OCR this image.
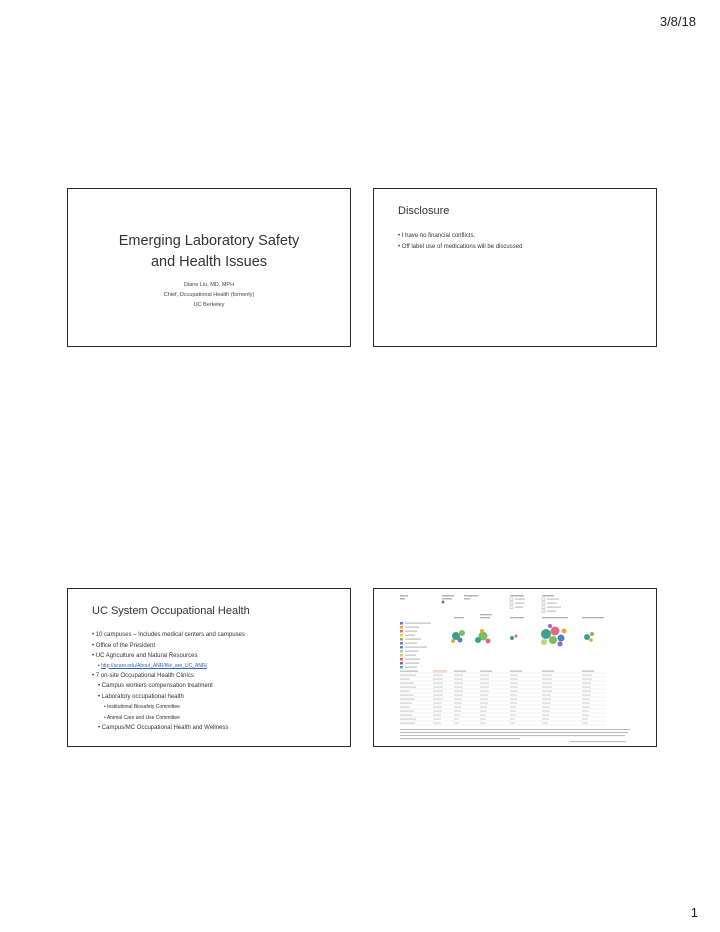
3/8/18
Emerging Laboratory Safety
and Health Issues
Diane Liu, MD, MPH
Chief, Occupational Health (formerly)
UC Berkeley
Disclosure
• I have no financial conflicts.
• Off label use of medications will be discussed
UC System Occupational Health
• 10 campuses – Includes medical centers and campuses
• Office of the President
• UC Agriculture and Natural Resources
• http://ucanr.edu/About_ANR/We_are_UC_ANR/
• 7 on-site Occupational Health Clinics
• Campus workers compensation treatment
• Laboratory occupational health
• Institutional Biosafety Committee
• Animal Care and Use Committee
• Campus/MC Occupational Health and Wellness
1
